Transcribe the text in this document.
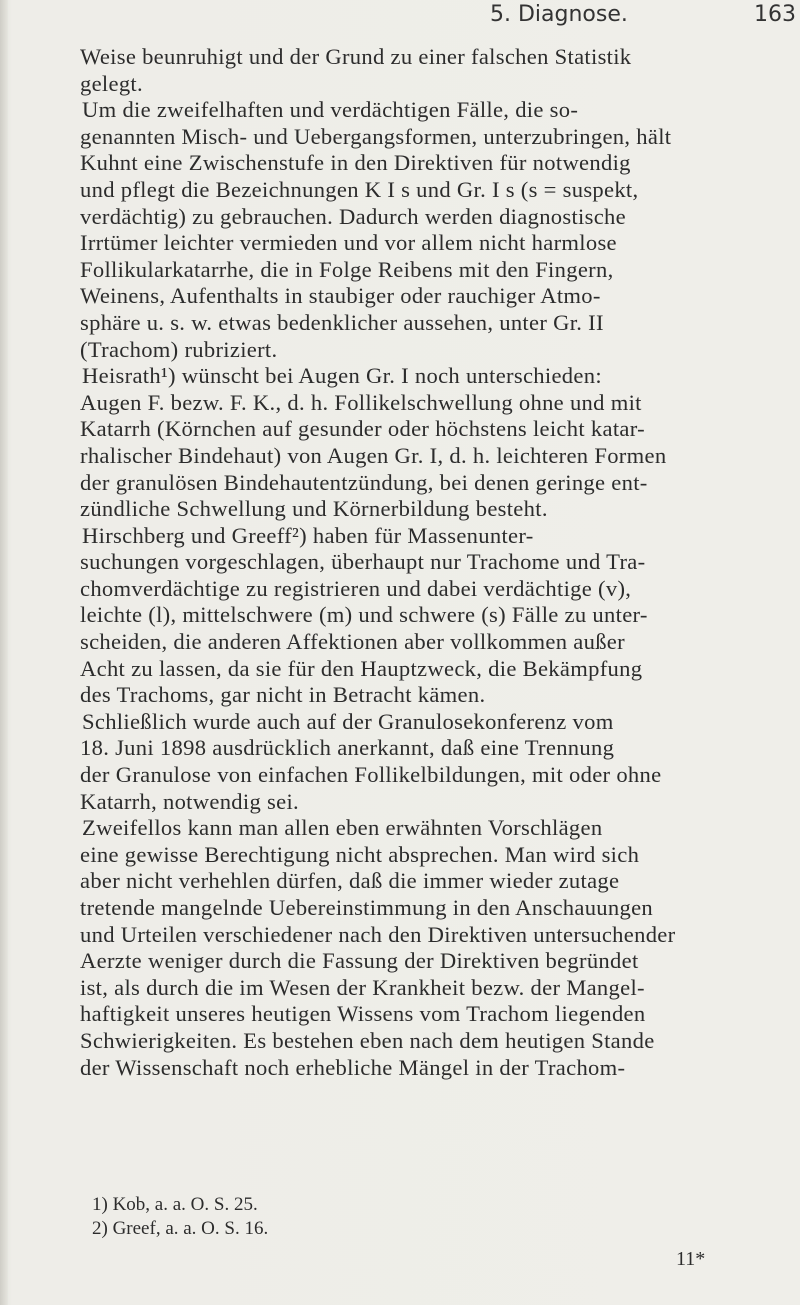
5. Diagnose.	163
Weise beunruhigt und der Grund zu einer falschen Statistik
gelegt.
Um die zweifelhaften und verdächtigen Fälle, die so-
genannten Misch- und Uebergangsformen, unterzubringen, hält
Kuhnt eine Zwischenstufe in den Direktiven für notwendig
und pflegt die Bezeichnungen K I s und Gr. I s (s = suspekt,
verdächtig) zu gebrauchen. Dadurch werden diagnostische
Irrtümer leichter vermieden und vor allem nicht harmlose
Follikularkatarrhe, die in Folge Reibens mit den Fingern,
Weinens, Aufenthalts in staubiger oder rauchiger Atmo-
sphäre u. s. w. etwas bedenklicher aussehen, unter Gr. II
(Trachom) rubriziert.
Heisrath¹) wünscht bei Augen Gr. I noch unterschieden:
Augen F. bezw. F. K., d. h. Follikelschwellung ohne und mit
Katarrh (Körnchen auf gesunder oder höchstens leicht katar-
rhalischer Bindehaut) von Augen Gr. I, d. h. leichteren Formen
der granulösen Bindehautentzündung, bei denen geringe ent-
zündliche Schwellung und Körnerbildung besteht.
Hirschberg und Greeff²) haben für Massenunter-
suchungen vorgeschlagen, überhaupt nur Trachome und Tra-
chomverdächtige zu registrieren und dabei verdächtige (v),
leichte (l), mittelschwere (m) und schwere (s) Fälle zu unter-
scheiden, die anderen Affektionen aber vollkommen außer
Acht zu lassen, da sie für den Hauptzweck, die Bekämpfung
des Trachoms, gar nicht in Betracht kämen.
Schließlich wurde auch auf der Granulosekonferenz vom
18. Juni 1898 ausdrücklich anerkannt, daß eine Trennung
der Granulose von einfachen Follikelbildungen, mit oder ohne
Katarrh, notwendig sei.
Zweifellos kann man allen eben erwähnten Vorschlägen
eine gewisse Berechtigung nicht absprechen. Man wird sich
aber nicht verhehlen dürfen, daß die immer wieder zutage
tretende mangelnde Uebereinstimmung in den Anschauungen
und Urteilen verschiedener nach den Direktiven untersuchender
Aerzte weniger durch die Fassung der Direktiven begründet
ist, als durch die im Wesen der Krankheit bezw. der Mangel-
haftigkeit unseres heutigen Wissens vom Trachom liegenden
Schwierigkeiten. Es bestehen eben nach dem heutigen Stande
der Wissenschaft noch erhebliche Mängel in der Trachom-
1) Kob, a. a. O. S. 25.
2) Greef, a. a. O. S. 16.
11*
